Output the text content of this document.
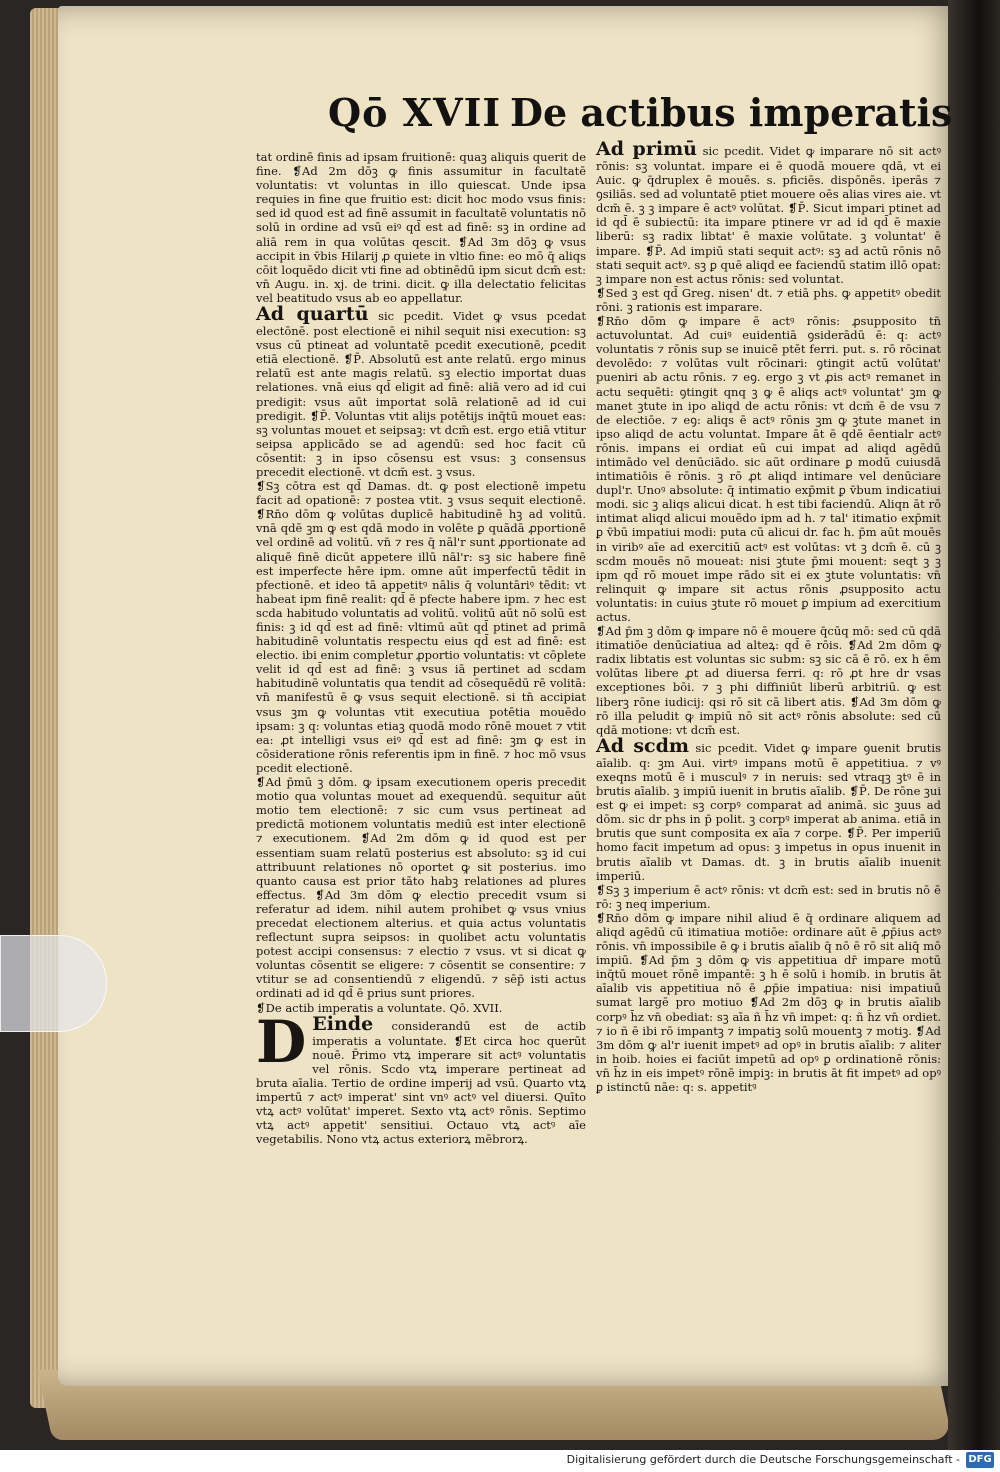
Qō XVII De actibus imperatis

tat ordinē finis ad ipsam fruitionē: quaꝫ aliquis querit de fine. ❡Ad 2m dōꝫ ꝙ finis assumitur in facultatē voluntatis: vt voluntas in illo quiescat. Unde ipsa requies in fine que fruitio est: dicit hoc modo vsus finis: sed id quod est ad finē assumit in facultatē voluntatis nō solū in ordine ad vsū eiꝰ qd̄ est ad finē: sꝫ in ordine ad aliā rem in qua volūtas qescit. ❡Ad 3m dōꝫ ꝙ vsus accipit in v̄bis Hilarij ꝓ quiete in vltio fine: eo mō q̄ aliqs cōit loquēdo dicit vti fine ad obtinēdū ipm sicut dcm̄ est: vn̄ Augu. in. xj. de trini. dicit. ꝙ illa delectatio felicitas vel beatitudo vsus ab eo appellatur.

Ad quartū sic pcedit. Videt ꝙ vsus pcedat electōnē. post electionē ei nihil sequit nisi execution: sꝫ vsus cū ptineat ad voluntatē pcedit executionē, ꝑcedit etiā electionē. ❡P̄. Absolutū est ante relatū. ergo minus relatū est ante magis relatū. sꝫ electio importat duas relationes. vnā eius qd̄ eligit ad finē: aliā vero ad id cui predigit: vsus aūt importat solā relationē ad id cui predigit. ❡P̄. Voluntas vtit alijs potētijs inq̄tū mouet eas: sꝫ voluntas mouet et seipsaꝫ: vt dcm̄ est. ergo etiā vtitur seipsa applicādo se ad agendū: sed hoc facit cū cōsentit: ꝫ in ipso cōsensu est vsus: ꝫ consensus precedit electionē. vt dcm̄ est. ꝫ vsus.

❡Sꝫ cōtra est qd̄ Damas. dt. ꝙ post electionē impetu facit ad opationē: ⁊ postea vtit. ꝫ vsus sequit electionē. ❡Rn̄o dōm ꝙ volūtas duplicē habitudinē hꝫ ad volitū. vnā qdē ꝫm ꝙ est qdā modo in volēte ꝑ quādā ꝓportionē vel ordinē ad volitū. vn̄ ⁊ res q̄ nāl'r sunt ꝓportionate ad aliquē finē dicūt appetere illū nāl'r: sꝫ sic habere finē est imperfecte hēre ipm. omne aūt imperfectū tēdit in pfectionē. et ideo tā appetitꝰ nālis q̄ voluntāriꝰ tēdit: vt habeat ipm finē realit: qd̄ ē pfecte habere ipm. ⁊ hec est scda habitudo voluntatis ad volitū. volitū aūt nō solū est finis: ꝫ id qd̄ est ad finē: vltimū aūt qd̄ ptinet ad primā habitudinē voluntatis respectu eius qd̄ est ad finē: est electio. ibi enim completur ꝓportio voluntatis: vt cōplete velit id qd̄ est ad finē: ꝫ vsus iā pertinet ad scdam habitudinē voluntatis qua tendit ad cōsequēdū rē volitā: vn̄ manifestū ē ꝙ vsus sequit electionē. si tn̄ accipiat vsus ꝫm ꝙ voluntas vtit executiua potētia mouēdo ipsam: ꝫ q: voluntas etiaꝫ quodā modo rōnē mouet ⁊ vtit ea: ꝓt intelligi vsus eiꝰ qd̄ est ad finē: ꝫm ꝙ est in cōsideratione rōnis referentis ipm in finē. ⁊ hoc mō vsus pcedit electionē.

❡Ad p̄mū ꝫ dōm. ꝙ ipsam executionem operis precedit motio qua voluntas mouet ad exequendū. sequitur aūt motio tem electionē: ⁊ sic cum vsus pertineat ad predictā motionem voluntatis mediū est inter electionē ⁊ executionem. ❡Ad 2m dōm ꝙ id quod est per essentiam suam relatū posterius est absoluto: sꝫ id cui attribuunt relationes nō oportet ꝙ sit posterius. imo quanto causa est prior tāto habꝫ relationes ad plures effectus. ❡Ad 3m dōm ꝙ electio precedit vsum si referatur ad idem. nihil autem prohibet ꝙ vsus vnius precedat electionem alterius. et quia actus voluntatis reflectunt supra seipsos: in quolibet actu voluntatis potest accipi consensus: ⁊ electio ⁊ vsus. vt si dicat ꝙ voluntas cōsentit se eligere: ⁊ cōsentit se consentire: ⁊ vtitur se ad consentiendū ⁊ eligendū. ⁊ sēp̄ isti actus ordinati ad id qd̄ ē prius sunt priores.

❡De actib imperatis a voluntate. Qō. XVII.

D Einde considerandū est de actib imperatis a voluntate. ❡Et circa hoc querūt nouē. P̄rimo vtꝝ imperare sit actꝰ voluntatis vel rōnis. Scdo vtꝝ imperare pertineat ad bruta aīalia. Tertio de ordine imperij ad vsū. Quarto vtꝝ impertū ⁊ actꝰ imperat' sint vnꝰ actꝰ vel diuersi. Quīto vtꝝ actꝰ volūtat' imperet. Sexto vtꝝ actꝰ rōnis. Septimo vtꝝ actꝰ appetit' sensitiui. Octauo vtꝝ actꝰ aīe vegetabilis. Nono vtꝝ actus exteriorꝝ mēbrorꝝ.

Ad primū sic pcedit. Videt ꝙ imparare nō sit actꝰ rōnis: sꝫ voluntat. impare ei ē quodā mouere qdā, vt ei Auic. ꝙ q̄druplex ē mouēs. s. pficiēs. dispōnēs. iperās ⁊ ꝯsiliās. sed ad voluntatē ptiet mouere oēs alias vires aie. vt dcm̄ ē. ꝫ ꝫ impare ē actꝰ volūtat. ❡P̄. Sicut impari ptinet ad id qd̄ ē subiectū: ita impare ptinere vr ad id qd̄ ē maxie liberū: sꝫ radix libtat' ē maxie volūtate. ꝫ voluntat' ē impare. ❡P̄. Ad impiū stati sequit actꝰ: sꝫ ad actū rōnis nō stati sequit actꝰ. sꝫ ꝑ quē aliqd ee faciendū statim illō opat: ꝫ impare non est actus rōnis: sed voluntat.

❡Sed ꝫ est qd̄ Greg. nisen' dt. ⁊ etiā phs. ꝙ appetitꝰ obedit rōni. ꝫ rationis est imparare.

❡Rn̄o dōm ꝙ impare ē actꝰ rōnis: ꝓsupposito tn̄ actuvoluntat. Ad cuiꝰ euidentiā ꝯsiderādū ē: q: actꝰ voluntatis ⁊ rōnis sup se inuicē ptēt ferri. put. s. rō rōcinat devolēdo: ⁊ volūtas vult rōcinari: ꝯtingit actū volūtat' pueniri ab actu rōnis. ⁊ eꝯ. ergo ꝫ vt ꝓis actꝰ remanet in actu sequēti: ꝯtingit qnq ꝫ ꝙ ē aliqs actꝰ voluntat' ꝫm ꝙ manet ꝫtute in ipo aliqd de actu rōnis: vt dcm̄ ē de vsu ⁊ de electiōe. ⁊ eꝯ: aliqs ē actꝰ rōnis ꝫm ꝙ ꝫtute manet in ipso aliqd de actu voluntat. Impare āt ē qdē ēentialr actꝰ rōnis. impans ei ordiat eū cui impat ad aliqd agēdū intimādo vel denūciādo. sic aūt ordinare ꝑ modū cuiusdā intimatiōis ē rōnis. ꝫ rō ꝓt aliqd intimare vel denūciare dupl'r. Unoꝰ absolute: q̄ intimatio exp̄mit ꝑ v̄bum indicatiui modi. sic ꝫ aliqs alicui dicat. h est tibi faciendū. Aliqn āt rō intimat aliqd alicui mouēdo ipm ad h. ⁊ tal' itimatio exp̄mit ꝑ v̄bū impatiui modi: puta cū alicui dr. fac h. p̄m aūt mouēs in viribꝰ aīe ad exercitiū actꝰ est volūtas: vt ꝫ dcm̄ ē. cū ꝫ scdm mouēs nō moueat: nisi ꝫtute p̄mi mouent: seqt ꝫ ꝫ ipm qd̄ rō mouet impe rādo sit ei ex ꝫtute voluntatis: vn̄ relinquit ꝙ impare sit actus rōnis ꝓsupposito actu voluntatis: in cuius ꝫtute rō mouet ꝑ impium ad exercitium actus.

❡Ad p̄m ꝫ dōm ꝙ impare nō ē mouere q̄cūq mō: sed cū qdā itimatiōe denūciatiua ad alteꝝ: qd̄ ē rōis. ❡Ad 2m dōm ꝙ radix libtatis est voluntas sic subm: sꝫ sic cā ē rō. ex h ēm volūtas libere ꝓt ad diuersa ferri. q: rō ꝓt hre dr vsas exceptiones bōi. ⁊ ꝫ phi diffiniūt liberū arbitriū. ꝙ est liberꝫ rōne iudicij: qsi rō sit cā libert atis. ❡Ad 3m dōm ꝙ rō illa peludit ꝙ impiū nō sit actꝰ rōnis absolute: sed cū qdā motione: vt dcm̄ est.

Ad scdm sic pcedit. Videt ꝙ impare ꝯuenit brutis aīalib. q: ꝫm Aui. virtꝰ impans motū ē appetitiua. ⁊ vꝰ exeqns motū ē i musculꝰ ⁊ in neruis: sed vtraqꝫ ꝫtꝰ ē in brutis aīalib. ꝫ impiū iuenit in brutis aīalib. ❡P̄. De rōne ꝫui est ꝙ ei impet: sꝫ corpꝰ comparat ad animā. sic ꝫuus ad dōm. sic dr phs in p̄ polit. ꝫ corpꝰ imperat ab anima. etiā in brutis que sunt composita ex aīa ⁊ corpe. ❡P̄. Per imperiū homo facit impetum ad opus: ꝫ impetus in opus inuenit in brutis aīalib vt Damas. dt. ꝫ in brutis aīalib inuenit imperiū.

❡Sꝫ ꝫ imperium ē actꝰ rōnis: vt dcm̄ est: sed in brutis nō ē rō: ꝫ neq imperium.

❡Rn̄o dōm ꝙ impare nihil aliud ē q̄ ordinare aliquem ad aliqd agēdū cū itimatiua motiōe: ordinare aūt ē ꝓp̄ius actꝰ rōnis. vn̄ impossibile ē ꝙ i brutis aīalib q̄ nō ē rō sit aliq̄ mō impiū. ❡Ad p̄m ꝫ dōm ꝙ vis appetitiua dr̄ impare motū inq̄tū mouet rōnē impantē: ꝫ h ē solū i homib. in brutis āt aīalib vis appetitiua nō ē ꝓp̄ie impatiua: nisi impatiuū sumat largē pro motiuo ❡Ad 2m dōꝫ ꝙ in brutis aīalib corpꝰ h̄z vn̄ obediat: sꝫ aīa ñ h̄z vn̄ impet: q: ñ h̄z vn̄ ordiet. ⁊ io ñ ē ibi rō impantꝫ ⁊ impatiꝫ solū mouentꝫ ⁊ motiꝫ. ❡Ad 3m dōm ꝙ al'r iuenit impetꝰ ad opꝰ in brutis aīalib: ⁊ aliter in hoib. hoies ei faciūt impetū ad opꝰ ꝑ ordinationē rōnis: vn̄ h̄z in eis impetꝰ rōnē impiꝫ: in brutis āt fit impetꝰ ad opꝰ ꝑ istinctū nāe: q: s. appetitꝰ

Digitalisierung gefördert durch die Deutsche Forschungsgemeinschaft - DFG
